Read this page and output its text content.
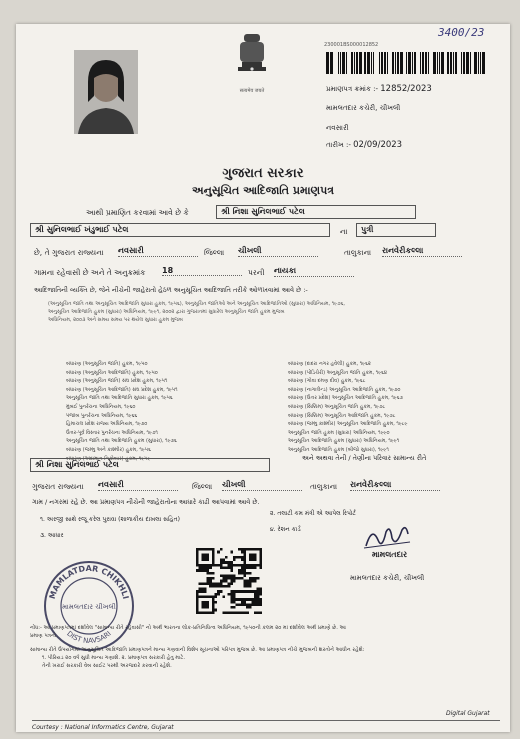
3400/23
सत्यमेव जयते
230001BS000012852
પ્રમાણપત્ર ક્રમાંક :- 12852/2023
મામલતદાર કચેરી, ચીખલી
નવસારી
તારીખ :- 02/09/2023
ગુજરાત સરકાર
અનુસૂચિત આદિજાતિ પ્રમાણપત્ર
આથી પ્રમાણિત કરવામાં આવે છે કે	શ્રી નિશા સુનિલભાઈ પટેલ
શ્રી સુનિલભાઈ ખંડુભાઈ પટેલ	ના	પુત્રી
છે, તે ગુજરાત રાજ્યના નવસારી	જિલ્લા ચીખલી	તાલુકાના રાનવેરીકલ્લા
ગામના રહેવાસી છે અને તે અનુક્રમાંક 18	પરની નાયકા
આદિજાતિની વ્યક્તિ છે, જેને નીચેની જાહેરાતો હેઠળ અનુસૂચિત આદિજાતિ તરીકે ઓળખવામાં આવે છે :-
(અનુસૂચિત જાતિ તથા અનુસૂચિત આદિજાતિ સુધારા હુકમ, ૧૯૫૬), અનુસૂચિત જાતિઓ અને અનુસૂચિત આદિજાતિઓ (સુધારા) અધિનિયમ, ૧૯૭૬,
અનુસૂચિત આદિજાતિ હુકમ (સુધારા) અધિનિયમ, ૧૯૯૧, ૨૦૦૨ દ્વારા ગુજરાતમાં સુધારેલ અનુસૂચિત જાતિ હુકમ મુજબ
અધિનિયમ, ૨૦૦૩ અને સમય સમય પર થયેલ સુધારા હુકમ મુજબ
બંધારણ (અનુસૂચિત જાતિ) હુકમ, ૧૯૫૦
બંધારણ (અનુસૂચિત આદિજાતિ) હુકમ, ૧૯૫૦
બંધારણ (અનુસૂચિત જાતિ) સંઘ પ્રદેશ હુકમ, ૧૯૫૧
બંધારણ (અનુસૂચિત આદિજાતિ) સંઘ પ્રદેશ હુકમ, ૧૯૫૧
અનુસૂચિત જાતિ તથા આદિજાતિ સુધારા હુકમ, ૧૯૫૬
મુંબઈ પુનર્રચના અધિનિયમ, ૧૯૬૦
પંજાબ પુનર્રચના અધિનિયમ, ૧૯૬૬
હિમાચલ પ્રદેશ રાજ્ય અધિનિયમ, ૧૯૭૦
ઉત્તર-પૂર્વ વિસ્તાર પુનર્રચના અધિનિયમ, ૧૯૭૧
અનુસૂચિત જાતિ તથા આદિજાતિ હુકમ (સુધારા), ૧૯૭૬
બંધારણ (જમ્મુ અને કાશ્મીર) હુકમ, ૧૯૫૬
બંધારણ (અંદામાન નિકોબાર) હુકમ, ૧૯૫૯
બંધારણ (દાદરા નગર હવેલી) હુકમ, ૧૯૬૨
બંધારણ (પોંડિચેરી) અનુસૂચિત જાતિ હુકમ, ૧૯૬૪
બંધારણ (ગોવા દમણ દીવ) હુકમ, ૧૯૬૮
બંધારણ (નાગાલેન્ડ) અનુસૂચિત આદિજાતિ હુકમ, ૧૯૭૦
બંધારણ (ઉત્તર પ્રદેશ) અનુસૂચિત આદિજાતિ હુકમ, ૧૯૬૭
બંધારણ (સિક્કિમ) અનુસૂચિત જાતિ હુકમ, ૧૯૭૮
બંધારણ (સિક્કિમ) અનુસૂચિત આદિજાતિ હુકમ, ૧૯૭૮
બંધારણ (જમ્મુ કાશ્મીર) અનુસૂચિત આદિજાતિ હુકમ, ૧૯૮૯
અનુસૂચિત જાતિ હુકમ (સુધારા) અધિનિયમ, ૧૯૯૦
અનુસૂચિત આદિજાતિ હુકમ (સુધારા) અધિનિયમ, ૧૯૯૧
અનુસૂચિત આદિજાતિ હુકમ (બીજો સુધારા), ૧૯૯૧
શ્રી નિશા સુનિલભાઈ પટેલ
અને અથવા તેની / તેણીના પરિવાર સામાન્ય રીતે
ગુજરાત રાજ્યના નવસારી	જિલ્લા ચીખલી	તાલુકાના રાનવેરીકલ્લા
ગામ / નગરમાં રહે છે. આ પ્રમાણપત્ર નીચેની જાહેરાતોના આધારે કાઢી આપવામાં આવે છે.
૧. અરજી સાથે રજૂ કરેલ પુરાવા (શાળાકીય દાખલા સહિત)
૨. તલાટી કમ મંત્રી એ આપેલ રિપોર્ટ
૩. આધાર
૪. રેશન કાર્ડ
મામલતદાર
મામલતદાર કચેરી, ચીખલી
MAMLATDAR CHIKHLI
DIST NAVSARI
મામલતદાર ચીખલી
નોંધ:- આ પ્રમાણપત્રમાં દર્શાવેલ "સામાન્ય રીતે રહેવાસી" નો અર્થ ભારતના લોક-પ્રતિનિધિત્વ અધિનિયમ, ૧૯૫૦ની કલમ ૨૦ માં દર્શાવેલ અર્થ પ્રમાણે છે. આ
પ્રમાણ પત્રનો.
સામાન્ય રીતે ઉપયોગમાં અનુસૂચિત આદિજાતિ પ્રમાણપત્રને માન્ય ગણવાની વિશેષ સૂચનાઓ પરિપત્ર મુજબ છે. આ પ્રમાણપત્ર નીચે મુજબની શરતોને આધીન રહેશે:
૧. પીરિયડ ૨૦ વર્ષ સુધી માન્ય ગણાશે. ૨. પ્રમાણપત્ર સરકારી હેતુ માટે.
તેની ખરાઈ સરકારી વેબ સાઈટ પરથી અરજદારે કરવાની રહેશે.
Courtesy : National Informatics Centre, Gujarat
Digital Gujarat
